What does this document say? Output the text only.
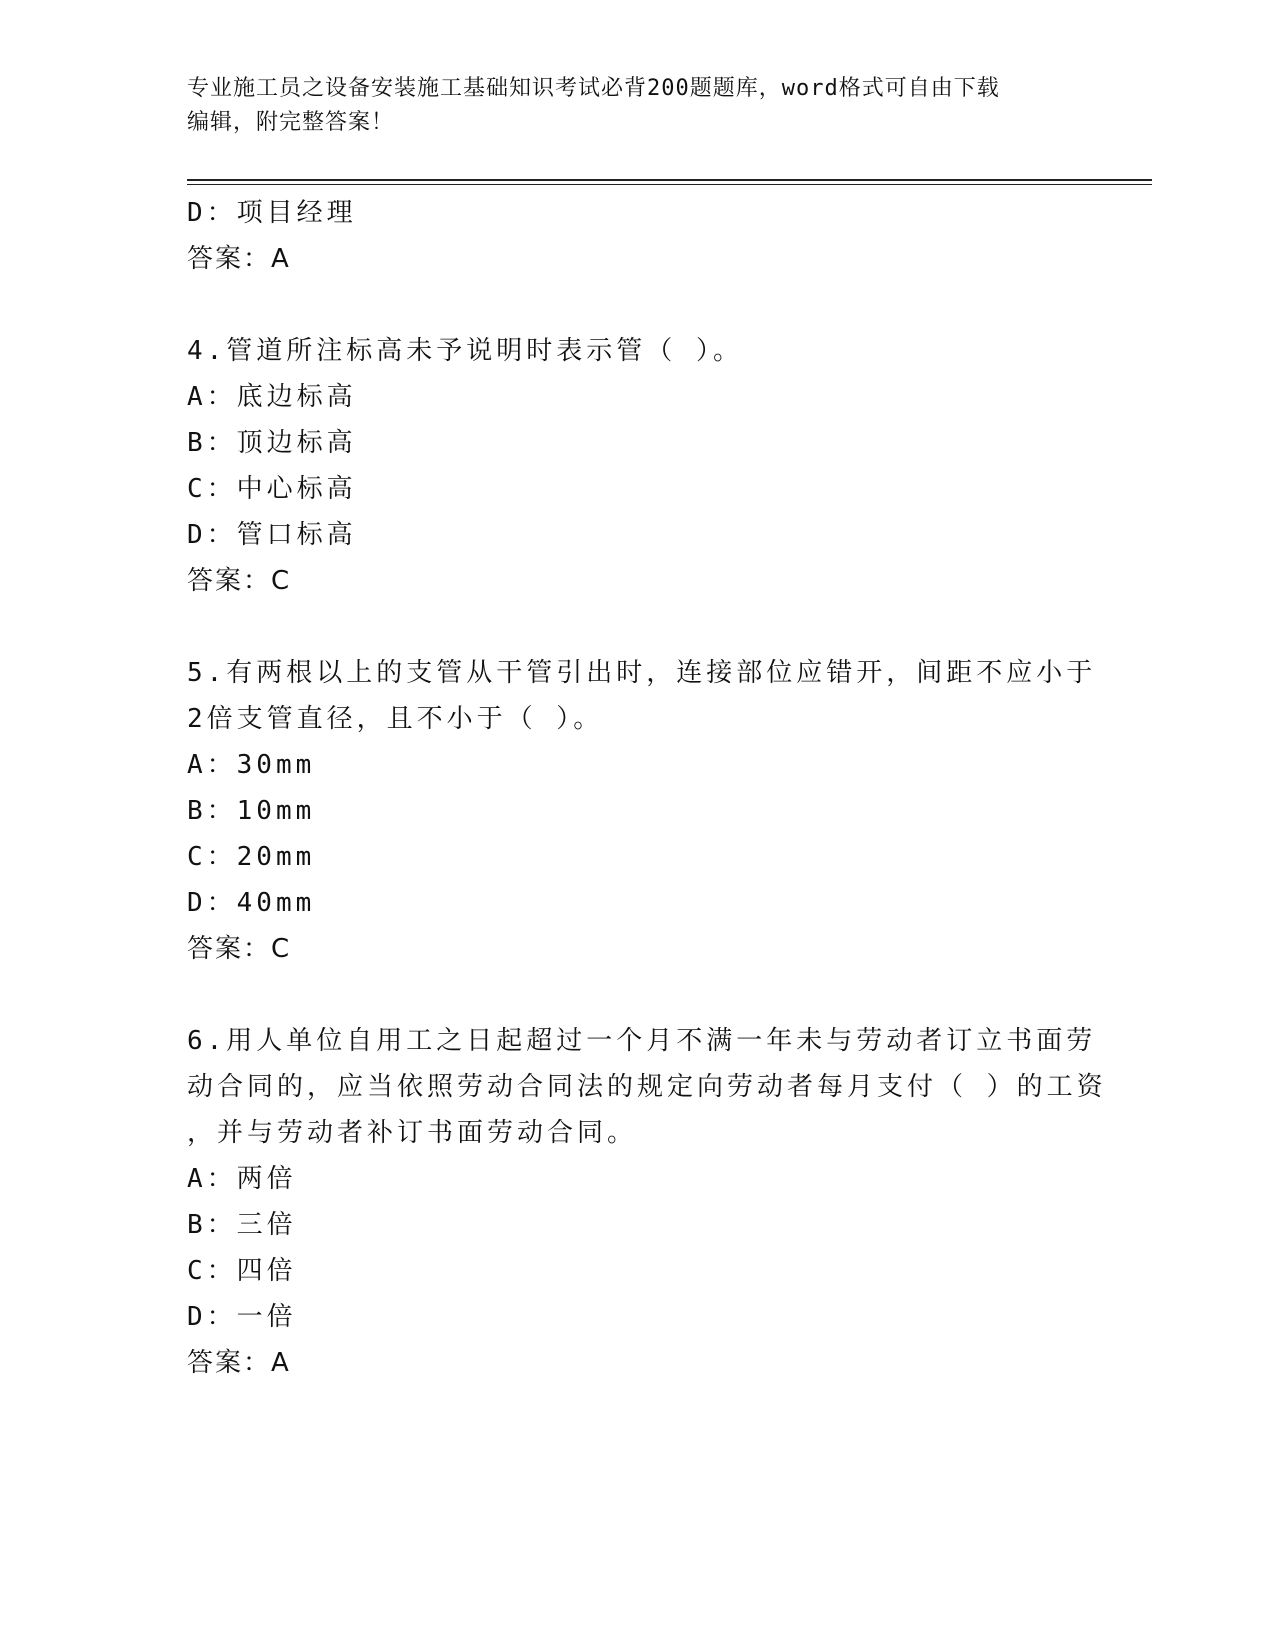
专业施工员之设备安装施工基础知识考试必背200题题库，word格式可自由下载
编辑，附完整答案！
D：项目经理
答案：A
4.管道所注标高未予说明时表示管（ ）。
A：底边标高
B：顶边标高
C：中心标高
D：管口标高
答案：C
5.有两根以上的支管从干管引出时，连接部位应错开，间距不应小于
2倍支管直径，且不小于（ ）。
A：30mm
B：10mm
C：20mm
D：40mm
答案：C
6.用人单位自用工之日起超过一个月不满一年未与劳动者订立书面劳
动合同的，应当依照劳动合同法的规定向劳动者每月支付（ ）的工资
，并与劳动者补订书面劳动合同。
A：两倍
B：三倍
C：四倍
D：一倍
答案：A
